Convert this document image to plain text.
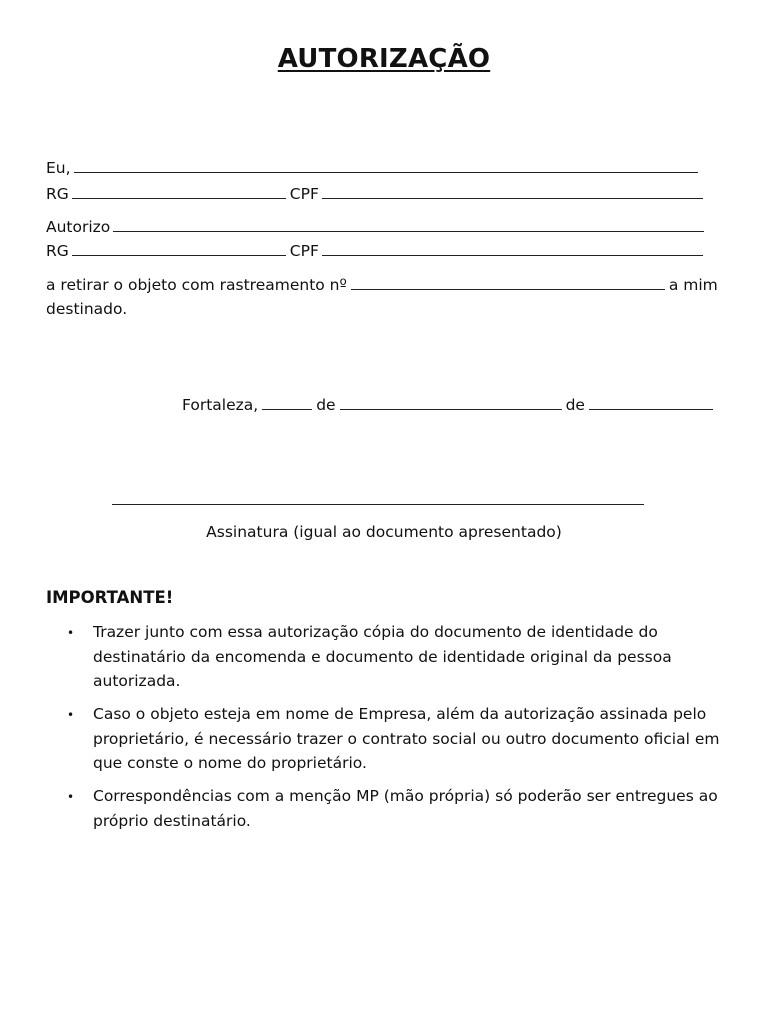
AUTORIZAÇÃO
Eu,
RG	CPF
Autorizo
RG	CPF
a retirar o objeto com rastreamento nº	a mim destinado.
Fortaleza,	de	de
Assinatura (igual ao documento apresentado)

IMPORTANTE!

• Trazer junto com essa autorização cópia do documento de identidade do destinatário da encomenda e documento de identidade original da pessoa autorizada.
• Caso o objeto esteja em nome de Empresa, além da autorização assinada pelo proprietário, é necessário trazer o contrato social ou outro documento oficial em que conste o nome do proprietário.
• Correspondências com a menção MP (mão própria) só poderão ser entregues ao próprio destinatário.
